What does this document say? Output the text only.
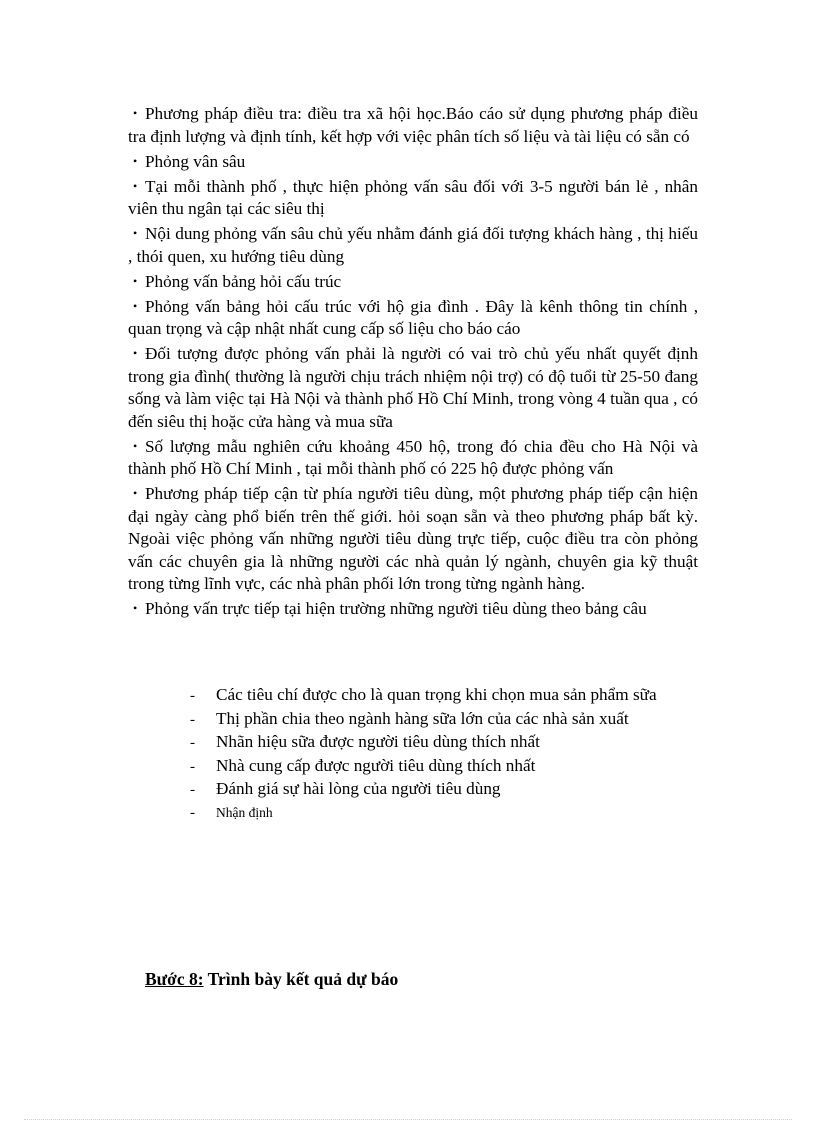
• Phương pháp điều tra: điều tra xã hội học.Báo cáo sử dụng phương pháp điều tra định lượng và định tính, kết hợp với việc phân tích số liệu và tài liệu có sẵn có

• Phỏng vân sâu

• Tại mỗi thành phố , thực hiện phỏng vấn sâu đối với 3-5 người bán lẻ , nhân viên thu ngân tại các siêu thị

• Nội dung phỏng vấn sâu chủ yếu nhằm đánh giá đối tượng khách hàng , thị hiếu , thói quen, xu hướng tiêu dùng

• Phỏng vấn bảng hỏi cấu trúc

• Phỏng vấn bảng hỏi cấu trúc với hộ gia đình . Đây là kênh thông tin chính , quan trọng và cập nhật nhất cung cấp số liệu cho báo cáo

• Đối tượng được phỏng vấn phải là người có vai trò chủ yếu nhất quyết định trong gia đình( thường là người chịu trách nhiệm nội trợ) có độ tuổi từ 25-50 đang sống và làm việc tại Hà Nội và thành phố Hồ Chí Minh, trong vòng 4 tuần qua , có đến siêu thị hoặc cửa hàng và mua sữa

• Số lượng mẫu nghiên cứu khoảng 450 hộ, trong đó chia đều cho Hà Nội và thành phố Hồ Chí Minh , tại mỗi thành phố có 225 hộ được phỏng vấn

• Phương pháp tiếp cận từ phía người tiêu dùng, một phương pháp tiếp cận hiện đại ngày càng phổ biến trên thế giới. hỏi soạn sẵn và theo phương pháp bất kỳ. Ngoài việc phỏng vấn những người tiêu dùng trực tiếp, cuộc điều tra còn phỏng vấn các chuyên gia là những người các nhà quản lý ngành, chuyên gia kỹ thuật trong từng lĩnh vực, các nhà phân phối lớn trong từng ngành hàng.

• Phỏng vấn trực tiếp tại hiện trường những người tiêu dùng theo bảng câu

- Các tiêu chí được cho là quan trọng khi chọn mua sản phẩm sữa
- Thị phần chia theo ngành hàng sữa lớn của các nhà sản xuất
- Nhãn hiệu sữa được người tiêu dùng thích nhất
- Nhà cung cấp được người tiêu dùng thích nhất
- Đánh giá sự hài lòng của người tiêu dùng
- Nhận định
Bước 8: Trình bày kết quả dự báo
